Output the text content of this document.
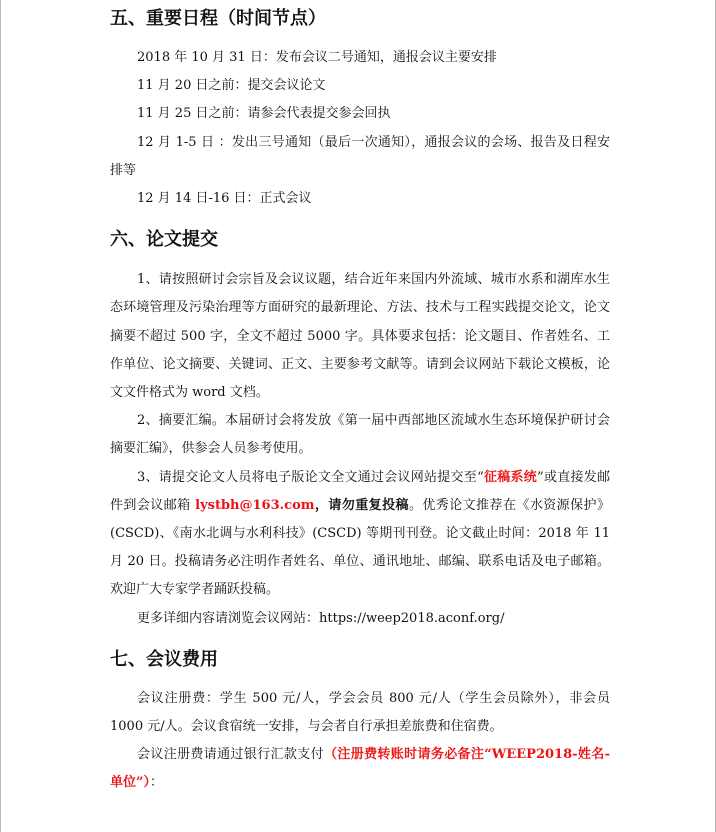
五、重要日程（时间节点）

2018 年 10 月 31 日：发布会议二号通知，通报会议主要安排

11 月 20 日之前：提交会议论文

11 月 25 日之前：请参会代表提交参会回执

12 月 1-5 日 ：发出三号通知（最后一次通知），通报会议的会场、报告及日程安排等

12 月 14 日-16 日：正式会议

六、论文提交

1、请按照研讨会宗旨及会议议题，结合近年来国内外流域、城市水系和湖库水生态环境管理及污染治理等方面研究的最新理论、方法、技术与工程实践提交论文，论文摘要不超过 500 字，全文不超过 5000 字。具体要求包括：论文题目、作者姓名、工作单位、论文摘要、关键词、正文、主要参考文献等。请到会议网站下载论文模板，论文文件格式为 word 文档。

2、摘要汇编。本届研讨会将发放《第一届中西部地区流域水生态环境保护研讨会摘要汇编》，供参会人员参考使用。

3、请提交论文人员将电子版论文全文通过会议网站提交至“征稿系统”或直接发邮件到会议邮箱 lystbh@163.com，请勿重复投稿。优秀论文推荐在《水资源保护》(CSCD)、《南水北调与水利科技》(CSCD) 等期刊刊登。论文截止时间：2018 年 11 月 20 日。投稿请务必注明作者姓名、单位、通讯地址、邮编、联系电话及电子邮箱。欢迎广大专家学者踊跃投稿。

更多详细内容请浏览会议网站：https://weep2018.aconf.org/

七、会议费用

会议注册费：学生 500 元/人，学会会员 800 元/人（学生会员除外），非会员 1000 元/人。会议食宿统一安排，与会者自行承担差旅费和住宿费。

会议注册费请通过银行汇款支付（注册费转账时请务必备注“WEEP2018-姓名-单位”）：
